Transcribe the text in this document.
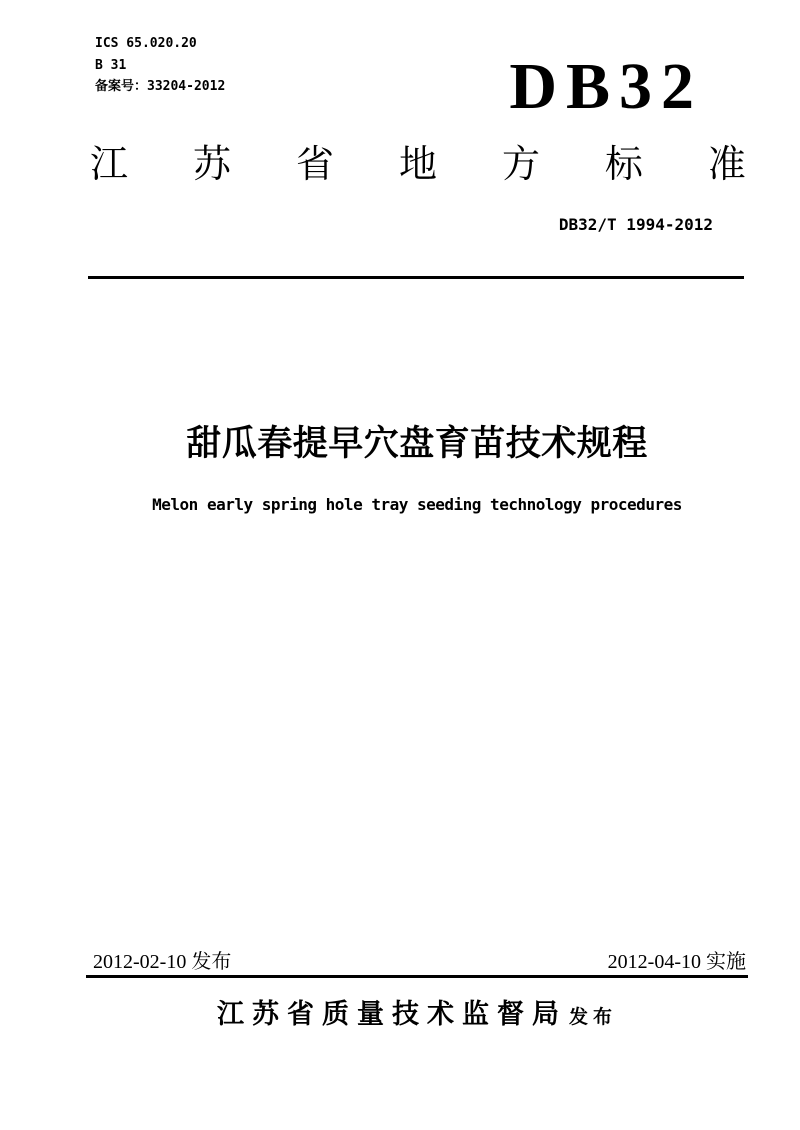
ICS 65.020.20
B 31
备案号：33204-2012	DB32
江 苏 省 地 方 标 准
DB32/T 1994-2012
甜瓜春提早穴盘育苗技术规程
Melon early spring hole tray seeding technology procedures
2012-02-10 发布	2012-04-10 实施
江苏省质量技术监督局 发布
